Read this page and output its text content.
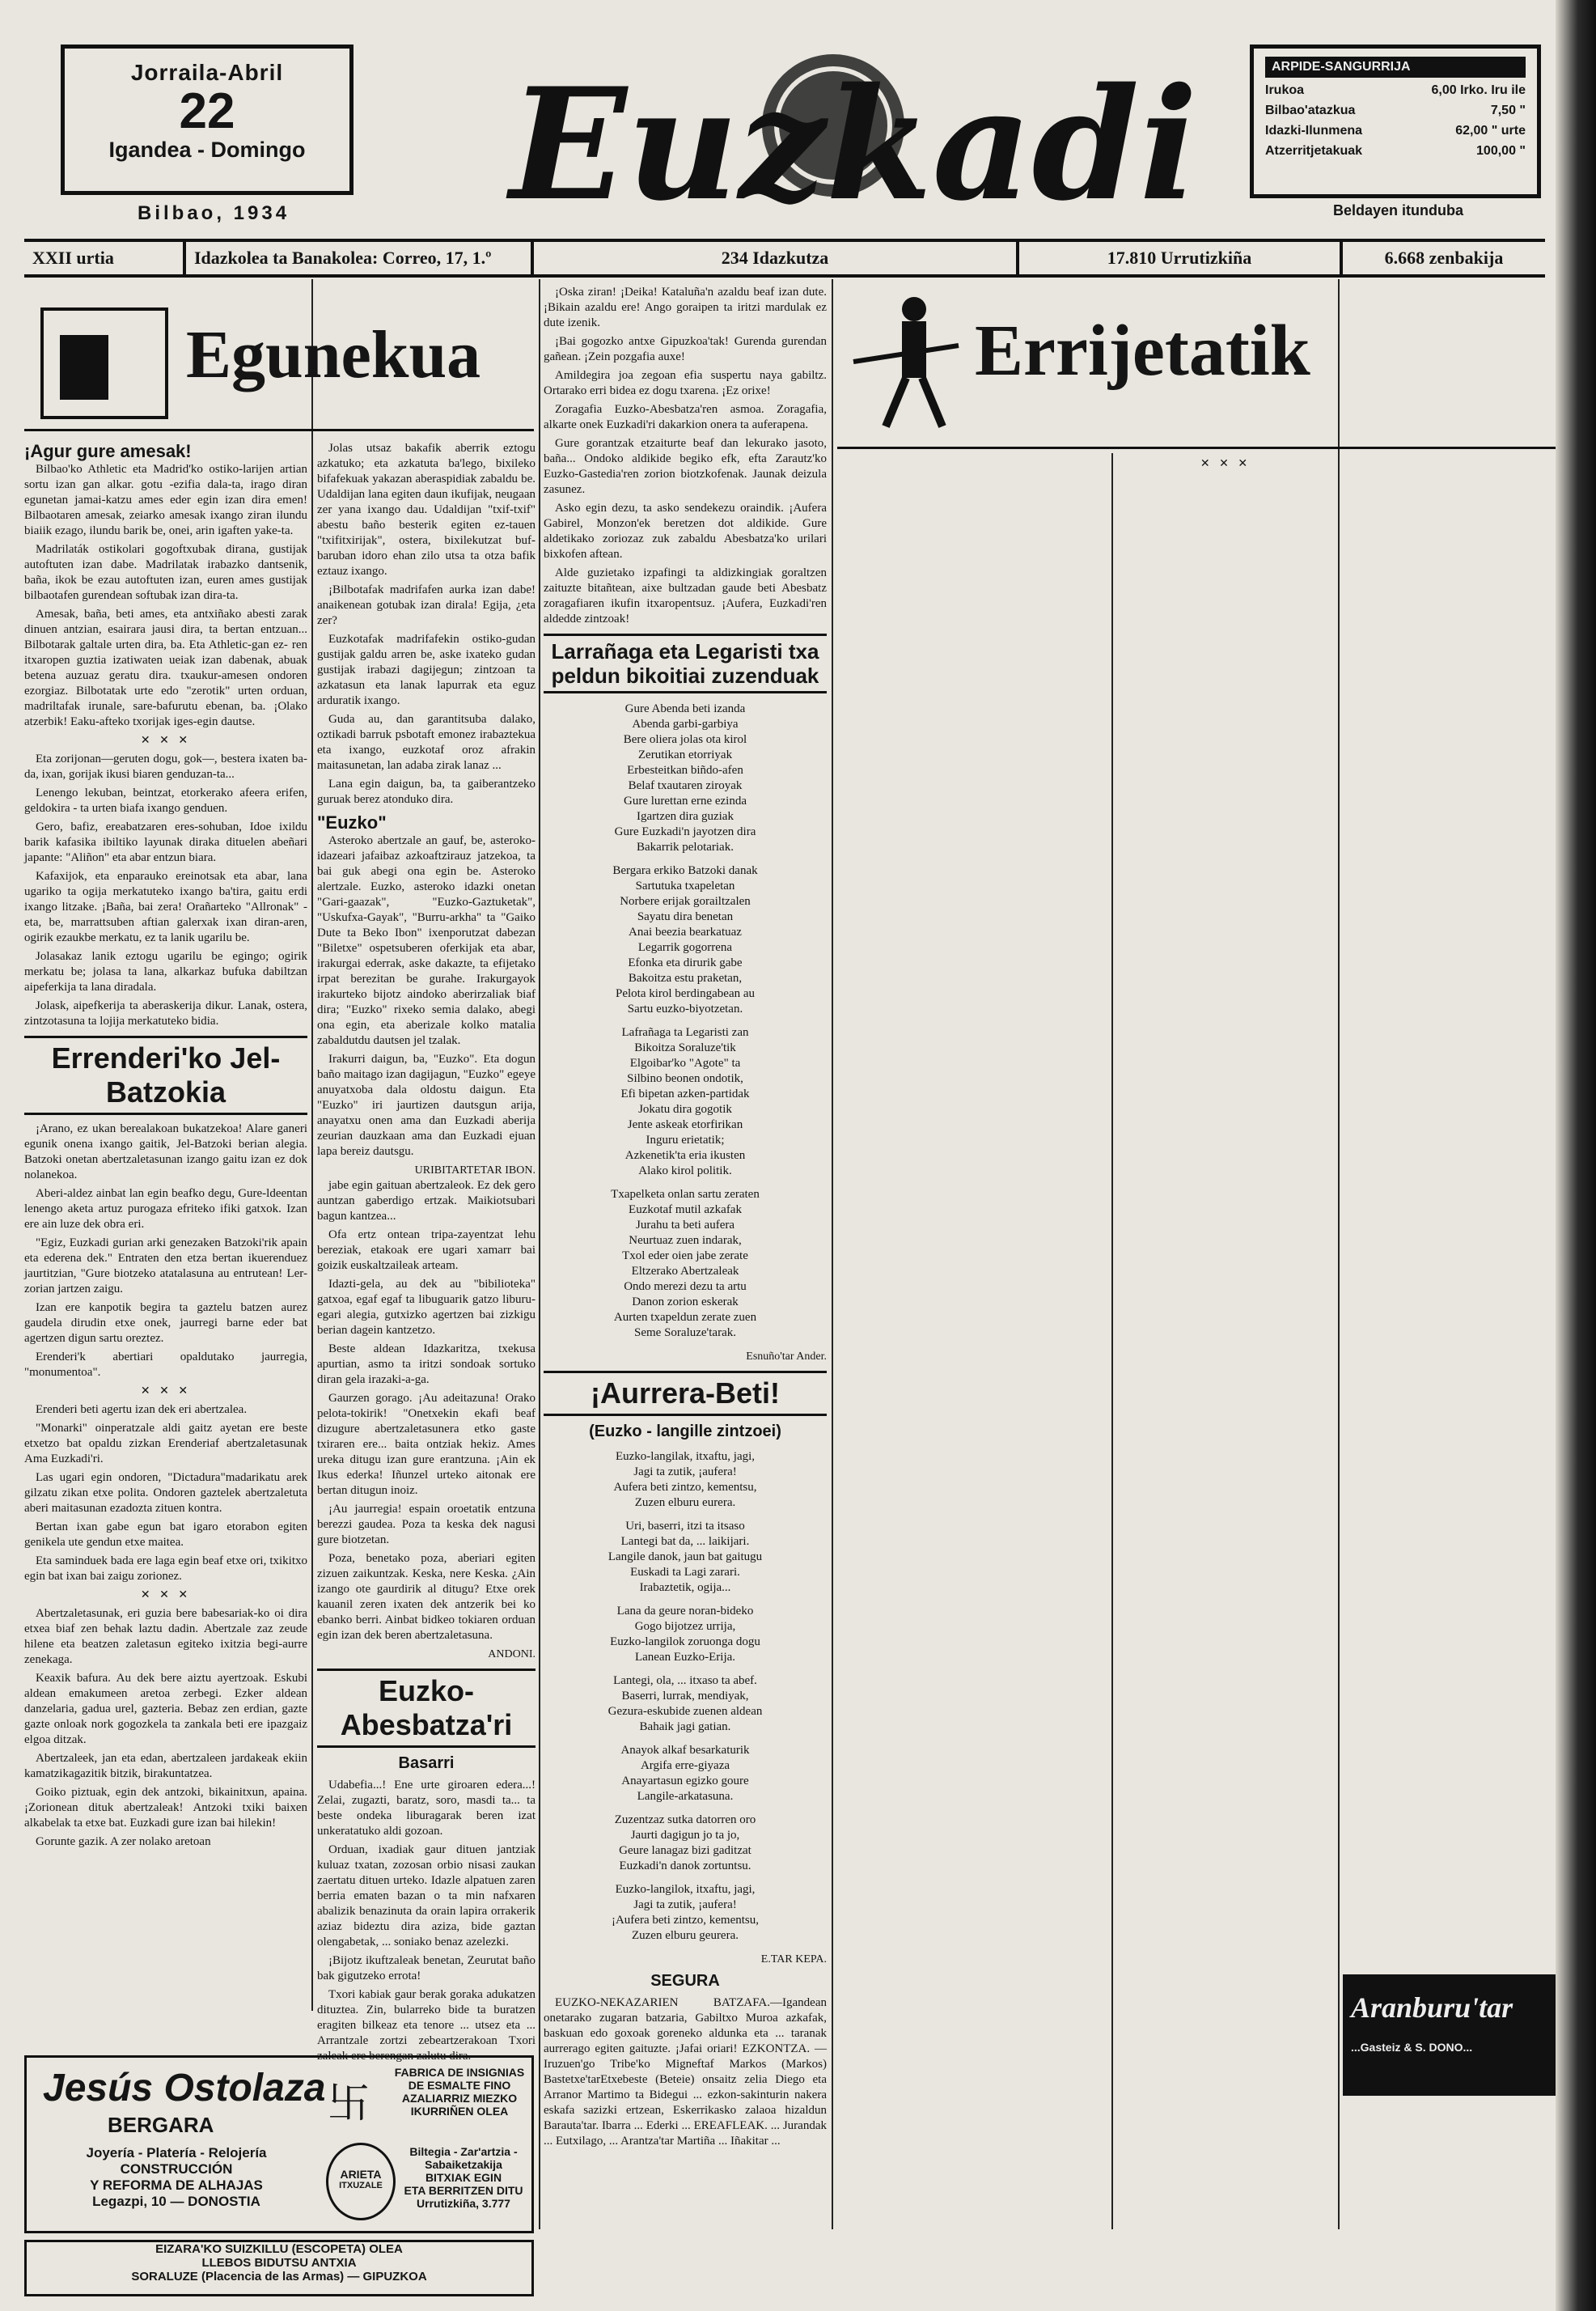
Jorraila-Abril
22
Igandea - Domingo
Bilbao, 1934 Euzkadi	ARPIDE-SANGURRIJA
Irukoa	6,00 Irko. Iru ile
Bilbao'atazkua	7,50 "
Idazki-Ilunmena	62,00 " urte
Atzerritjetakuak	100,00 "
Beldayen itunduba
XXII urtia	Idazkolea ta Banakolea: Correo, 17, 1.º	234 Idazkutza	17.810 Urrutizkiña	6.668 zenbakija
Egunekua
¡Agur gure amesak!

Bilbao'ko Athletic eta Madrid'ko ostiko-larijen artian sortu izan gan alkar. gotu -ezifia dala-ta, irago diran egunetan jamai-katzu ames eder egin izan dira emen! Bilbaotaren amesak, zeiarko amesak ixango ziran ilundu biaiik ezago, ilundu barik be, onei, arin igaften yake-ta.

Madrilaták ostikolari gogoftxubak dirana, gustijak autoftuten izan dabe. Madrilatak irabazko dantsenik, baña, ikok be ezau autoftuten izan, euren ames gustijak bilbaotafen gurendean softubak izan dira-ta.

Amesak, baña, beti ames, eta antxiñako abesti zarak dinuen antzian, esairara jausi dira, ta bertan entzuan... Bilbotarak galtale urten dira, ba. Eta Athletic-gan ez- ren itxaropen guztia izatiwaten ueiak izan dabenak, abuak betena auzuaz geratu dira. txaukur-amesen ondoren ezorgiaz. Bilbotatak urte edo "zerotik" urten orduan, madriltafak irunale, sare-bafurutu ebenan, ba. ¡Olako atzerbik! Eaku-afteko txorijak iges-egin dautse.

✕ ✕ ✕

Eta zorijonan—geruten dogu, gok—, bestera ixaten ba-da, ixan, gorijak ikusi biaren genduzan-ta...

Lenengo lekuban, beintzat, etorkerako afeera erifen, geldokira - ta urten biafa ixango genduen.

Gero, bafiz, ereabatzaren eres-sohuban, Idoe ixildu barik kafasika ibiltiko layunak diraka dituelen abeñari japante: "Aliñon" eta abar entzun biara.

Kafaxijok, eta enparauko ereinotsak eta abar, lana ugariko ta ogija merkatuteko ixango ba'tira, gaitu erdi ixango litzake. ¡Baña, bai zera! Orañarteko "Allronak" -eta, be, marrattsuben aftian galerxak ixan diran-aren, ogirik ezaukbe merkatu, ez ta lanik ugarilu be.

Jolasakaz lanik eztogu ugarilu be egingo; ogirik merkatu be; jolasa ta lana, alkarkaz bufuka dabiltzan aipeferkija ta lana diradala.

Jolask, aipefkerija ta aberaskerija dikur. Lanak, ostera, zintzotasuna ta lojija merkatuteko bidia.

Errenderi'ko Jel-Batzokia

¡Arano, ez ukan berealakoan bukatzekoa! Alare ganeri egunik onena ixango gaitik, Jel-Batzoki berian alegia. Batzoki onetan abertzaletasunan izango gaitu izan ez dok nolanekoa.

Aberi-aldez ainbat lan egin beafko degu, Gure-ldeentan lenengo aketa artuz purogaza efriteko ifiki gatxok. Izan ere ain luze dek obra eri.

"Egiz, Euzkadi gurian arki genezaken Batzoki'rik apain eta ederena dek." Entraten den etza bertan ikuerenduez jaurtitzian, "Gure biotzeko atatalasuna au entrutean! Ler-zorian jartzen zaigu.

Izan ere kanpotik begira ta gaztelu batzen aurez gaudela dirudin etxe onek, jaurregi barne eder bat agertzen digun sartu oreztez.

Erenderi'k abertiari opaldutako jaurregia, "monumentoa".

✕ ✕ ✕

Erenderi beti agertu izan dek eri abertzalea.

"Monarki" oinperatzale aldi gaitz ayetan ere beste etxetzo bat opaldu zizkan Erenderiaf abertzaletasunak Ama Euzkadi'ri.

Las ugari egin ondoren, "Dictadura"madarikatu arek gilzatu zikan etxe polita. Ondoren gaztelek abertzaletuta aberi maitasunan ezadozta zituen kontra.

Bertan ixan gabe egun bat igaro etorabon egiten genikela ute gendun etxe maitea.

Eta saminduek bada ere laga egin beaf etxe ori, txikitxo egin bat ixan bai zaigu zorionez.

✕ ✕ ✕

Abertzaletasunak, eri guzia bere babesariak-ko oi dira etxea biaf zen behak laztu dadin. Abertzale zaz zeude hilene eta beatzen zaletasun egiteko ixitzia begi-aurre zenekaga.

Keaxik bafura. Au dek bere aiztu ayertzoak. Eskubi aldean emakumeen aretoa zerbegi. Ezker aldean danzelaria, gadua urel, gazteria. Bebaz zen erdian, gazte gazte onloak nork gogozkela ta zankala beti ere ipazgaiz elgoa ditzak.

Abertzaleek, jan eta edan, abertzaleen jardakeak ekiin kamatzikagazitik bitzik, birakuntatzea.

Goiko piztuak, egin dek antzoki, bikainitxun, apaina. ¡Zorionean dituk abertzaleak! Antzoki txiki baixen alkabelak ta etxe bat. Euzkadi gure izan bai hilekin!

Gorunte gazik. A zer nolako aretoan

Jolas utsaz bakafik aberrik eztogu azkatuko; eta azkatuta ba'lego, bixileko bifafekuak yakazan aberaspidiak zabaldu be. Udaldijan lana egiten daun ikufijak, neugaan zer yana ixango dau. Udaldijan "txif-txif" abestu baño besterik egiten ez-tauen "txifitxirijak", ostera, bixilekutzat buf-baruban idoro ehan zilo utsa ta otza bafik eztauz ixango.

¡Bilbotafak madrifafen aurka izan dabe! anaikenean gotubak izan dirala! Egija, ¿eta zer?

Euzkotafak madrifafekin ostiko-gudan gustijak galdu arren be, aske ixateko gudan gustijak irabazi dagijegun; zintzoan ta azkatasun eta lanak lapurrak eta eguz arduratik ixango.

Guda au, dan garantitsuba dalako, oztikadi barruk psbotaft emonez irabaztekua eta ixango, euzkotaf oroz afrakin maitasunetan, lan adaba zirak lanaz ...

Lana egin daigun, ba, ta gaiberantzeko guruak berez atonduko dira.

"Euzko"

Asteroko abertzale an gauf, be, asteroko-idazeari jafaibaz azkoaftzirauz jatzekoa, ta bai guk abegi ona egin be. Asteroko alertzale. Euzko, asteroko idazki onetan "Gari-gaazak", "Euzko-Gaztuketak", "Uskufxa-Gayak", "Burru-arkha" ta "Gaiko Dute ta Beko Ibon" ixenporutzat dabezan "Biletxe" ospetsuberen oferkijak eta abar, irakurgai ederrak, aske dakazte, ta efijetako irpat berezitan be gurahe. Irakurgayok irakurteko bijotz aindoko aberirzaliak biaf dira; "Euzko" rixeko semia dalako, abegi ona egin, eta aberizale kolko matalia zabaldutdu dautsen jel tzalak.

Irakurri daigun, ba, "Euzko". Eta dogun baño maitago izan dagijagun, "Euzko" egeye anuyatxoba dala oldostu daigun. Eta "Euzko" iri jaurtizen dautsgun arija, anayatxu onen ama dan Euzkadi aberija zeurian dauzkaan ama dan Euzkadi ejuan lapa bereiz dautsgu.

URIBITARTETAR IBON.

jabe egin gaituan abertzaleok. Ez dek gero auntzan gaberdigo ertzak. Maikiotsubari bagun kantzea...

Ofa ertz ontean tripa-zayentzat lehu bereziak, etakoak ere ugari xamarr bai goizik euskaltzaileak arteam.

Idazti-gela, au dek au "bibilioteka" gatxoa, egaf egaf ta libuguarik gatzo liburu-egari alegia, gutxizko agertzen bai zizkigu berian dagein kantzetzo.

Beste aldean Idazkaritza, txekusa apurtian, asmo ta iritzi sondoak sortuko diran gela irazaki-a-ga.

Gaurzen gorago. ¡Au adeitazuna! Orako pelota-tokirik! "Onetxekin ekafi beaf dizugure abertzaletasunera etko gaste txiraren ere... baita ontziak hekiz. Ames ureka ditugu izan gure erantzuna. ¡Ain ek Ikus ederka! Iñunzel urteko aitonak ere bertan ditugun inoiz.

¡Au jaurregia! espain oroetatik entzuna berezzi gaudea. Poza ta keska dek nagusi gure biotzetan.

Poza, benetako poza, aberiari egiten zizuen zaikuntzak. Keska, nere Keska. ¿Ain izango ote gaurdirik al ditugu? Etxe orek kauanil zeren ixaten dek antzerik bei ko ebanko berri. Ainbat bidkeo tokiaren orduan egin izan dek beren abertzaletasuna.

ANDONI.
Euzko-Abesbatza'ri
Basarri

Udabefia...! Ene urte giroaren edera...! Zelai, zugazti, baratz, soro, masdi ta... ta beste ondeka liburagarak beren izat unkeratatuko aldi gozoan.

Orduan, ixadiak gaur dituen jantziak kuluaz txatan, zozosan orbio nisasi zaukan zaertatu dituen urteko. Idazle alpatuen zaren berria ematen bazan o ta min nafxaren abalizik benazinuta da orain lapira orrakerik aziaz bideztu dira aziza, bide gaztan olengabetak, ... soniako benaz azelezki.

¡Bijotz ikuftzaleak benetan, Zeurutat baño bak gigutzeko errota!

Txori kabiak gaur berak goraka adukatzen dituztea. Zin, bularreko bide ta buratzen eragiten bilkeaz eta tenore ... utsez eta ... Arrantzale zortzi zebeartzerakoan Txori zaleak ere berengan zalutu dira.

¡Oska ziran! ¡Deika! Kataluña'n azaldu beaf izan dute. ¡Bikain azaldu ere! Ango goraipen ta iritzi mardulak ez dute izenik.

¡Bai gogozko antxe Gipuzkoa'tak! Gurenda gurendan gañean. ¡Zein pozgafia auxe!

Amildegira joa zegoan efia suspertu naya gabiltz. Ortarako erri bidea ez dogu txarena. ¡Ez orixe!

Zoragafia Euzko-Abesbatza'ren asmoa. Zoragafia, alkarte onek Euzkadi'ri dakarkion onera ta auferapena.

Gure gorantzak etzaiturte beaf dan lekurako jasoto, baña... Ondoko aldikide begiko efk, efta Zarautz'ko Euzko-Gastedia'ren zorion biotzkofenak. Jaunak deizula zasunez.

Asko egin dezu, ta asko sendekezu oraindik. ¡Aufera Gabirel, Monzon'ek beretzen dot aldikide. Gure aldetikako zoriozaz zuk zabaldu Abesbatza'ko urilari bixkofen aftean.

Alde guzietako izpafingi ta aldizkingiak goraltzen zaituzte bitañtean, aixe bultzadan gaude beti Abesbatz zoragafiaren ikufin itxaropentsuz. ¡Aufera, Euzkadi'ren aldedde zintzoak!

Larrañaga eta Legaristi txa peldun bikoitiai zuzenduak
Gure Abenda beti izanda
Abenda garbi-garbiya
Bere oliera jolas ota kirol
Zerutikan etorriyak
Erbesteitkan biñdo-afen
Belaf txautaren ziroyak
Gure lurettan erne ezinda
Igartzen dira guziak
Gure Euzkadi'n jayotzen dira
Bakarrik pelotariak.
Bergara erkiko Batzoki danak
Sartutuka txapeletan
Norbere erijak gorailtzalen
Sayatu dira benetan
Anai beezia bearkatuaz
Legarrik gogorrena
Efonka eta dirurik gabe
Bakoitza estu praketan,
Pelota kirol berdingabean au
Sartu euzko-biyotzetan.
Lafrañaga ta Legaristi zan
Bikoitza Soraluze'tik
Elgoibar'ko "Agote" ta
Silbino beonen ondotik,
Efi bipetan azken-partidak
Jokatu dira gogotik
Jente askeak etorfirikan
Inguru erietatik;
Azkenetik'ta eria ikusten
Alako kirol politik.
Txapelketa onlan sartu zeraten
Euzkotaf mutil azkafak
Jurahu ta beti aufera
Neurtuaz zuen indarak,
Txol eder oien jabe zerate
Eltzerako Abertzaleak
Ondo merezi dezu ta artu
Danon zorion eskerak
Aurten txapeldun zerate zuen
Seme Soraluze'tarak.
Esnuño'tar Ander.
¡Aurrera-Beti!
(Euzko - langille zintzoei)
Euzko-langilak, itxaftu, jagi,
Jagi ta zutik, ¡aufera!
Aufera beti zintzo, kementsu,
Zuzen elburu eurera.
Uri, baserri, itzi ta itsaso
Lantegi bat da, ... laikijari.
Langile danok, jaun bat gaitugu
Euskadi ta Lagi zarari.
Irabaztetik, ogija...
Lana da geure noran-bideko
Gogo bijotzez urrija,
Euzko-langilok zoruonga dogu
Lanean Euzko-Erija.
Lantegi, ola, ... itxaso ta abef.
Baserri, lurrak, mendiyak,
Gezura-eskubide zuenen aldean
Bahaik jagi gatian.
Anayok alkaf besarkaturik
Argifa erre-giyaza
Anayartasun egizko goure
Langile-arkatasuna.
Zuzentzaz sutka datorren oro
Jaurti dagigun jo ta jo,
Geure lanagaz bizi gaditzat
Euzkadi'n danok zortuntsu.
Euzko-langilok, itxaftu, jagi,
Jagi ta zutik, ¡aufera!
¡Aufera beti zintzo, kementsu,
Zuzen elburu geurera.
E.TAR KEPA.
SEGURA

EUZKO-NEKAZARIEN BATZAFA.—Igandean onetarako zugaran batzaria, Gabiltxo Muroa azkafak, baskuan edo goxoak goreneko aldunka eta ... taranak aurrerago egiten gaituzte. ¡Jafai oriari! EZKONTZA. — Iruzuen'go Tribe'ko Migneftaf Markos (Markos) Bastetxe'tarEtxebeste (Beteie) onsaitz zelia Diego eta Arranor Martimo ta Bidegui ... ezkon-sakinturin nakera eskafa sazizki ertzean, Eskerrikasko zalaoa hizaldun Barauta'tar. Ibarra ... Ederki ... EREAFLEAK. ... Jurandak ... Eutxilago, ... Arantza'tar Martiña ... Iñakitar ...

Errijetatik

✕ ✕ ✕

Jesús Ostolaza
BERGARA	卐
FABRICA DE INSIGNIAS
DE ESMALTE FINO
AZALIARRIZ MIEZKO
IKURRIÑEN OLEA
Joyería - Platería - Relojería
CONSTRUCCIÓN
Y REFORMA DE ALHAJAS
Legazpi, 10 — DONOSTIA
ARIETA
ITXUZALE
Biltegia - Zar'artzia - Sabaiketzakija
BITXIAK EGIN
ETA BERRITZEN DITU
Urrutizkiña, 3.777
EIZARA'KO SUIZKILLU (ESCOPETA) OLEA
LLEBOS BIDUTSU ANTXIA
SORALUZE (Placencia de las Armas) — GIPUZKOA
Aranburu'tar
...Gasteiz & S. DONO...
